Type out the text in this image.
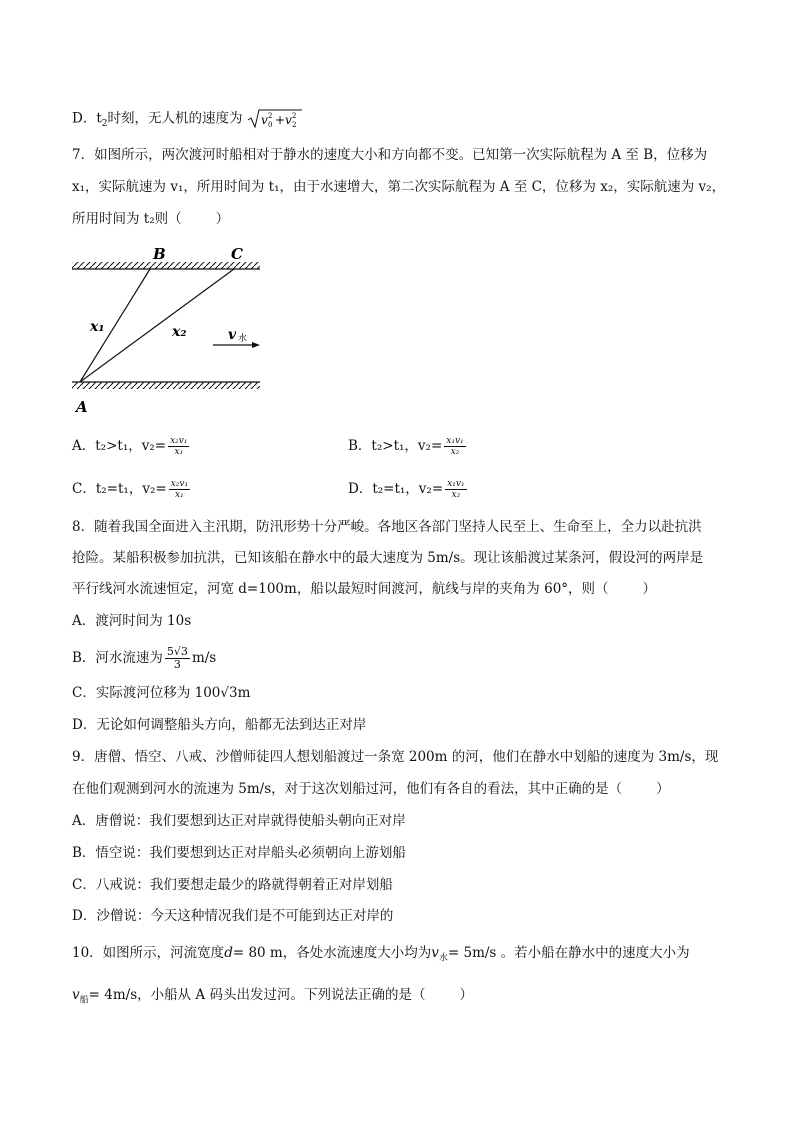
D．$t_2$时刻，无人机的速度为 v 2
0 + v 2
2
7．如图所示，两次渡河时船相对于静水的速度大小和方向都不变。已知第一次实际航程为 A 至 B，位移为
x₁，实际航速为 v₁，所用时间为 t₁，由于水速增大，第二次实际航程为 A 至 C，位移为 x₂，实际航速为 v₂，
所用时间为 t₂则（	）
B	C
x₁	x₂	v 水
A
A．t₂>t₁，$v_2= \frac{\text{x₂v₁}}{\text{x₁}}$	B．t₂>t₁，$v_2= \frac{\text{x₁v₁}}{\text{x₂}}$
C．t₂=t₁，$v_2= \frac{\text{x₂v₁}}{\text{x₁}}$	D．t₂=t₁，$v_2= \frac{\text{x₁v₁}}{\text{x₂}}$
8．随着我国全面进入主汛期，防汛形势十分严峻。各地区各部门坚持人民至上、生命至上，全力以赴抗洪
抢险。某船积极参加抗洪，已知该船在静水中的最大速度为 5m/s。现让该船渡过某条河，假设河的两岸是
平行线河水流速恒定，河宽 d=100m，船以最短时间渡河，航线与岸的夹角为 60°，则（	）
A．渡河时间为 10s
B．河水流速为 $\frac{5√3}{3} m/s$
C．实际渡河位移为 100√3m
D．无论如何调整船头方向，船都无法到达正对岸
9．唐僧、悟空、八戒、沙僧师徒四人想划船渡过一条宽 200m 的河，他们在静水中划船的速度为 3m/s，现
在他们观测到河水的流速为 5m/s，对于这次划船过河，他们有各自的看法，其中正确的是（	）
A．唐僧说：我们要想到达正对岸就得使船头朝向正对岸
B．悟空说：我们要想到达正对岸船头必须朝向上游划船
C．八戒说：我们要想走最少的路就得朝着正对岸划船
D．沙僧说：今天这种情况我们是不可能到达正对岸的
10．如图所示，河流宽度d= 80 m，各处水流速度大小均为$v_水= 5m/s$ 。若小船在静水中的速度大小为
$v_船= 4m/s$，小船从 A 码头出发过河。下列说法正确的是（	）
